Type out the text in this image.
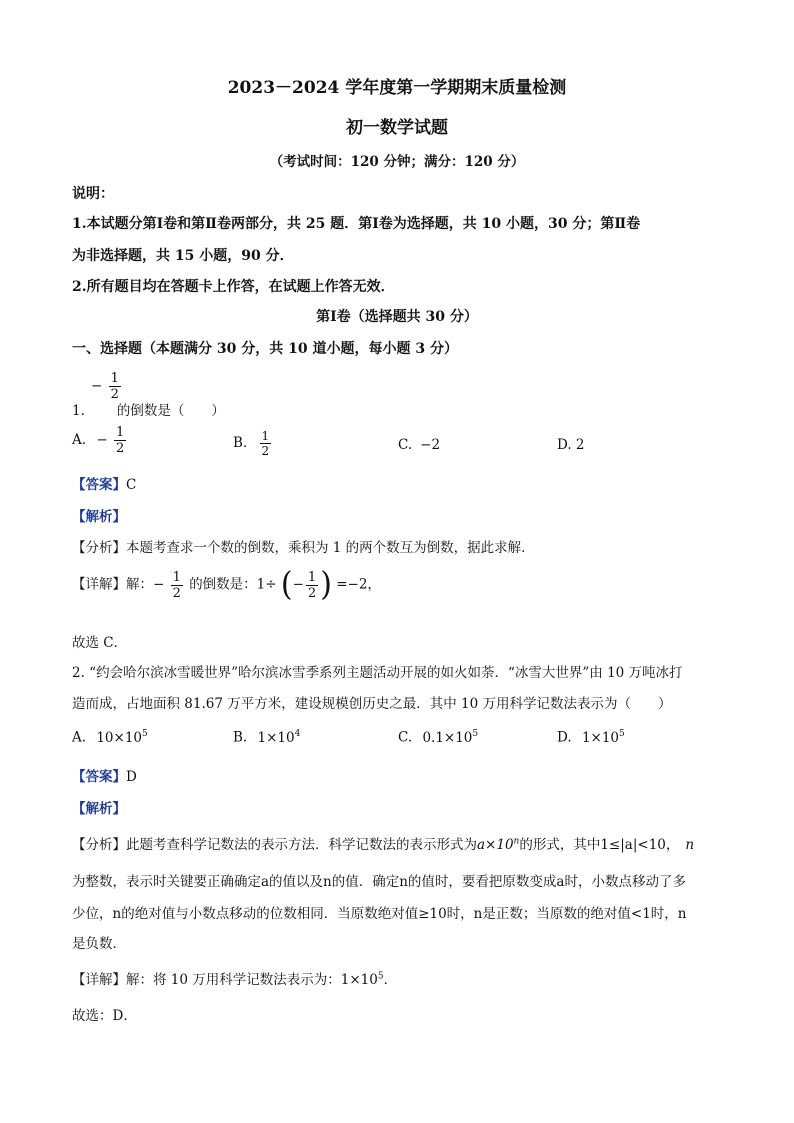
2023－2024 学年度第一学期期末质量检测
初一数学试题
（考试时间：120 分钟；满分：120 分）
说明：
1.本试题分第Ⅰ卷和第Ⅱ卷两部分，共 25 题．第Ⅰ卷为选择题，共 10 小题，30 分；第Ⅱ卷
为非选择题，共 15 小题，90 分．
2.所有题目均在答题卡上作答，在试题上作答无效．
第Ⅰ卷（选择题共 30 分）
一、选择题（本题满分 30 分，共 10 道小题，每小题 3 分）
− $\frac{1}{2}$
1. 的倒数是（　　）
A. − $\frac{1}{2}$	B. $\frac{1}{2}$	C. −2	D. 2
【答案】C
【解析】
【分析】本题考查求一个数的倒数，乘积为 1 的两个数互为倒数，据此求解．
【详解】解：− $\frac{1}{2}$ 的倒数是：1÷ (− $\frac{1}{2}$ ) =−2，
故选 C．
2. “约会哈尔滨冰雪暖世界”哈尔滨冰雪季系列主题活动开展的如火如荼．“冰雪大世界”由 10 万吨冰打
造而成，占地面积 81.67 万平方米，建设规模创历史之最．其中 10 万用科学记数法表示为（　　）
A. $10\times 10^5$	B. $1\times 10^4$	C. $0.1\times 10^5$	D. $1\times 10^5$
【答案】D
【解析】
【分析】此题考查科学记数法的表示方法．科学记数法的表示形式为$a\times 10^n$的形式，其中1≤|a|<10， n
为整数，表示时关键要正确确定a的值以及n的值．确定n的值时，要看把原数变成a时，小数点移动了多
少位，n的绝对值与小数点移动的位数相同．当原数绝对值≥10时，n是正数；当原数的绝对值<1时，n
是负数．
【详解】解：将 10 万用科学记数法表示为：$1\times 10^5$．
故选：D．
